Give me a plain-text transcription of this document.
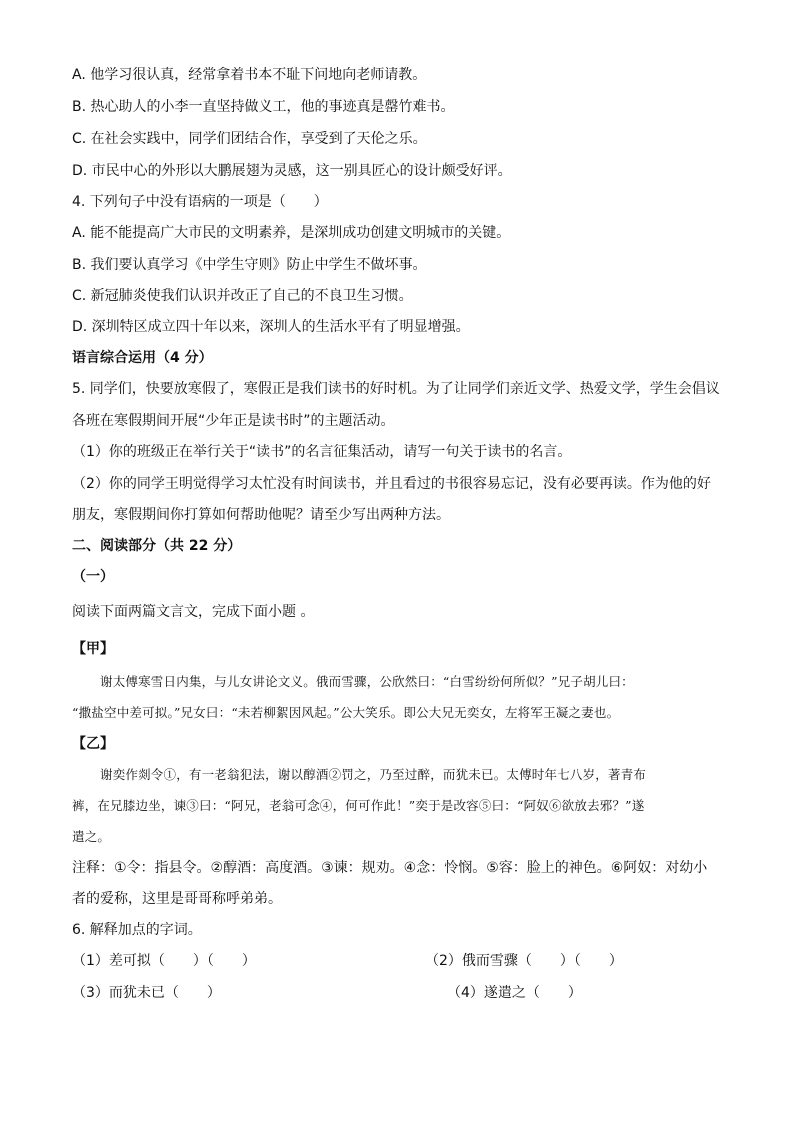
A. 他学习很认真，经常拿着书本不耻下问地向老师请教。
B. 热心助人的小李一直坚持做义工，他的事迹真是罄竹难书。
C. 在社会实践中，同学们团结合作，享受到了天伦之乐。
D. 市民中心的外形以大鹏展翅为灵感，这一别具匠心的设计颇受好评。
4. 下列句子中没有语病的一项是（　　）
A. 能不能提高广大市民的文明素养，是深圳成功创建文明城市的关键。
B. 我们要认真学习《中学生守则》防止中学生不做坏事。
C. 新冠肺炎使我们认识并改正了自己的不良卫生习惯。
D. 深圳特区成立四十年以来，深圳人的生活水平有了明显增强。
语言综合运用（4 分）
5. 同学们，快要放寒假了，寒假正是我们读书的好时机。为了让同学们亲近文学、热爱文学，学生会倡议
各班在寒假期间开展“少年正是读书时”的主题活动。
（1）你的班级正在举行关于“读书”的名言征集活动，请写一句关于读书的名言。
（2）你的同学王明觉得学习太忙没有时间读书，并且看过的书很容易忘记，没有必要再读。作为他的好
朋友，寒假期间你打算如何帮助他呢？请至少写出两种方法。
二、阅读部分（共 22 分）
（一）
阅读下面两篇文言文，完成下面小题 。
【甲】
谢太傅寒雪日内集，与儿女讲论文义。俄而雪骤，公欣然曰：“白雪纷纷何所似？”兄子胡儿曰：
“撒盐空中差可拟。”兄女曰：“未若柳絮因风起。”公大笑乐。即公大兄无奕女，左将军王凝之妻也。
【乙】
谢奕作剡令①，有一老翁犯法，谢以醇酒②罚之，乃至过醉，而犹未已。太傅时年七八岁，著青布
裤，在兄膝边坐，谏③曰：“阿兄，老翁可念④，何可作此！”奕于是改容⑤曰：“阿奴⑥欲放去邪？”遂
遣之。
注释：①令：指县令。②醇酒：高度酒。③谏：规劝。④念：怜悯。⑤容：脸上的神色。⑥阿奴：对幼小
者的爱称，这里是哥哥称呼弟弟。
6. 解释加点的字词。
（1）差可拟（　　）（　　）	（2）俄而雪骤（　　）（　　）
（3）而犹未已（　　）	（4）遂遣之（　　）
